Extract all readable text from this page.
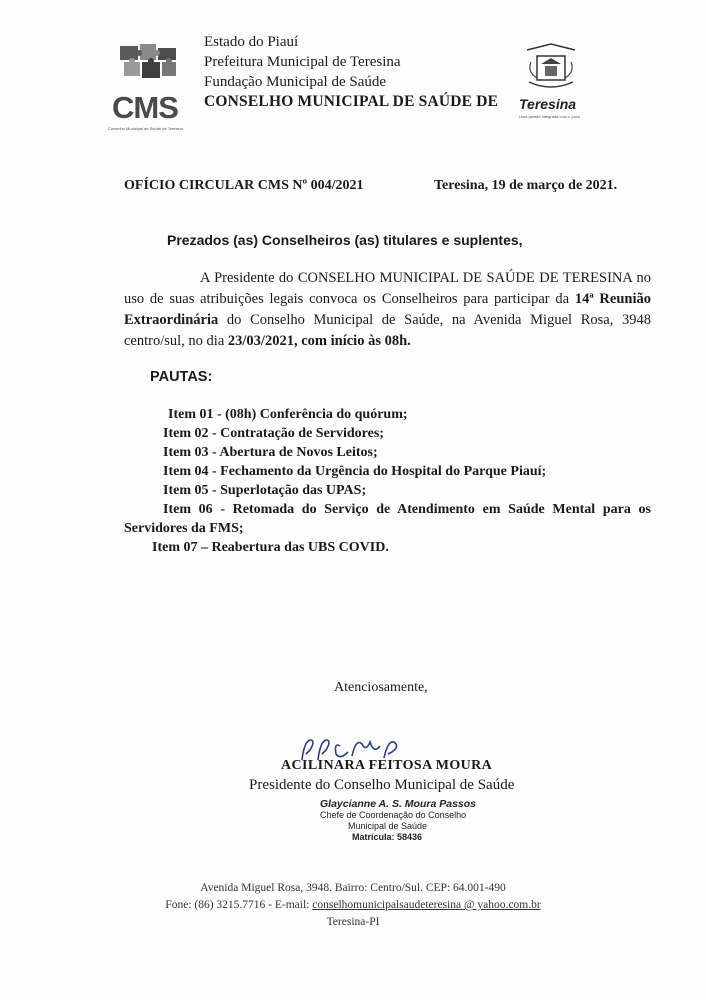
CMS
Conselho Municipal de Saúde de Teresina
Estado do Piauí
Prefeitura Municipal de Teresina
Fundação Municipal de Saúde
CONSELHO MUNICIPAL DE SAÚDE DE Teresina
Uma gestão integrada com o povo
OFÍCIO CIRCULAR CMS Nº 004/2021	Teresina, 19 de março de 2021.
Prezados (as) Conselheiros (as) titulares e suplentes,
A Presidente do CONSELHO MUNICIPAL DE SAÚDE DE TERESINA no uso de suas atribuições legais convoca os Conselheiros para participar da 14ª Reunião Extraordinária do Conselho Municipal de Saúde, na Avenida Miguel Rosa, 3948 centro/sul, no dia 23/03/2021, com início às 08h.
PAUTAS:
Item 01 - (08h) Conferência do quórum;
Item 02 - Contratação de Servidores;
Item 03 - Abertura de Novos Leitos;
Item 04 - Fechamento da Urgência do Hospital do Parque Piauí;
Item 05 - Superlotação das UPAS;
Item 06 - Retomada do Serviço de Atendimento em Saúde Mental para os Servidores da FMS;
Item 07 – Reabertura das UBS COVID.
Atenciosamente,
ACILINARA FEITOSA MOURA
Presidente do Conselho Municipal de Saúde
Glaycianne A. S. Moura Passos
Chefe de Coordenação do Conselho
Municipal de Saúde
Matrícula: 58436
Avenida Miguel Rosa, 3948. Bairro: Centro/Sul. CEP: 64.001-490
Fone: (86) 3215.7716 - E-mail: conselhomunicipalsaudeteresina @ yahoo.com.br
Teresina-PI
